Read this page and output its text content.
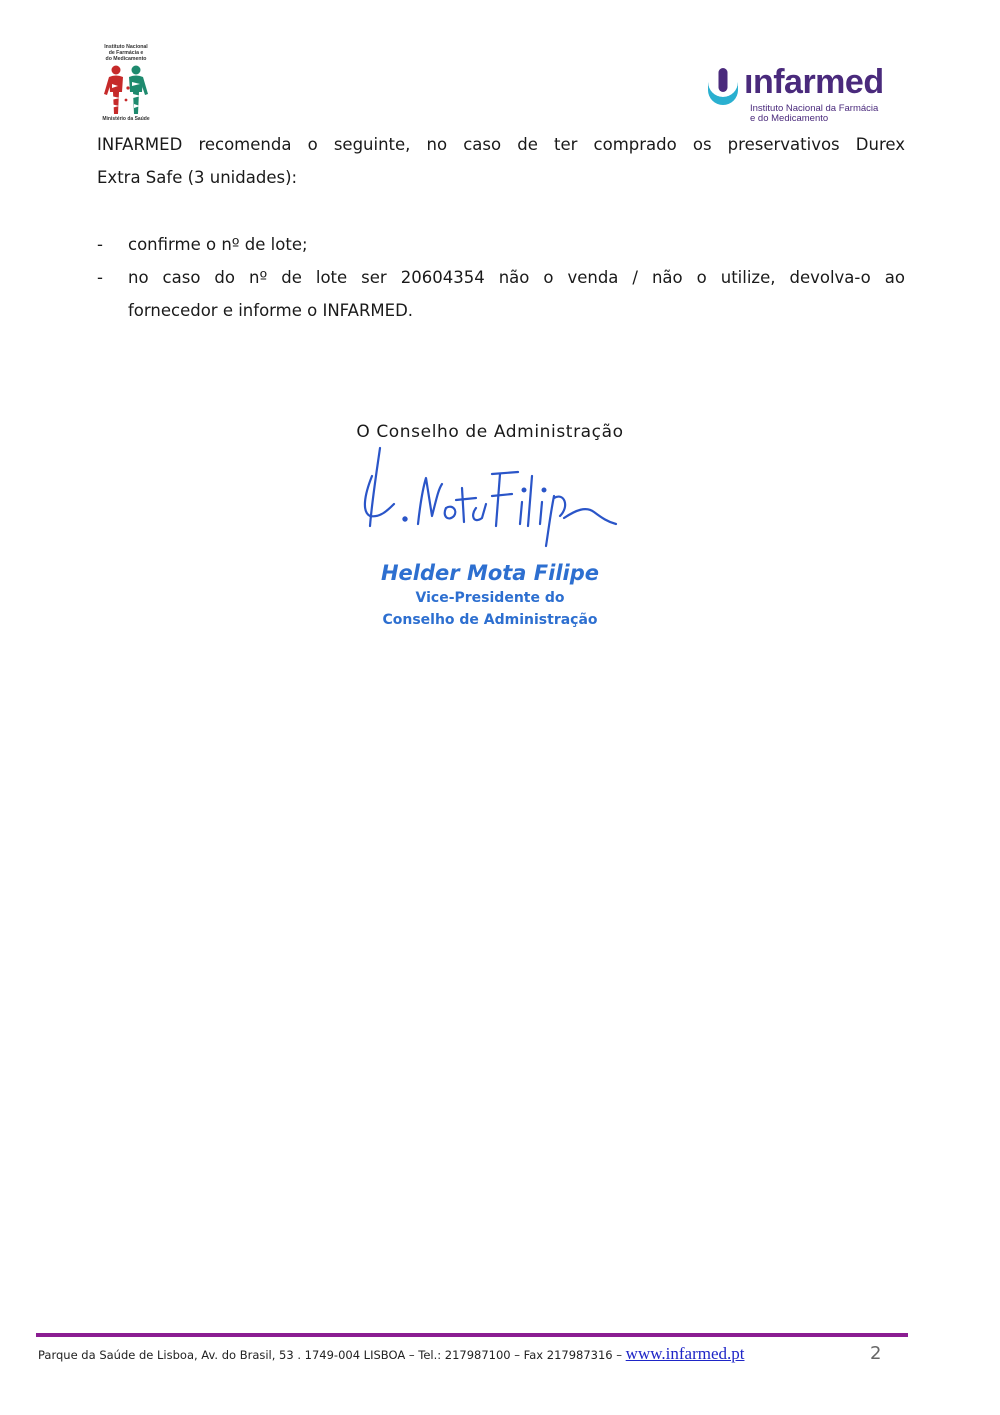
Instituto Nacional
de Farmácia e
do Medicamento
Ministério da Saúde
ınfarmed
Instituto Nacional da Farmácia
e do Medicamento
INFARMED recomenda o seguinte, no caso de ter comprado os preservativos Durex
Extra Safe (3 unidades):
- confirme o nº de lote;
- no caso do nº de lote ser 20604354 não o venda / não o utilize, devolva-o ao
fornecedor e informe o INFARMED.
O Conselho de Administração
Helder Mota Filipe
Vice-Presidente do
Conselho de Administração
Parque da Saúde de Lisboa, Av. do Brasil, 53 . 1749-004 LISBOA – Tel.: 217987100 – Fax 217987316 – www.infarmed.pt	2
